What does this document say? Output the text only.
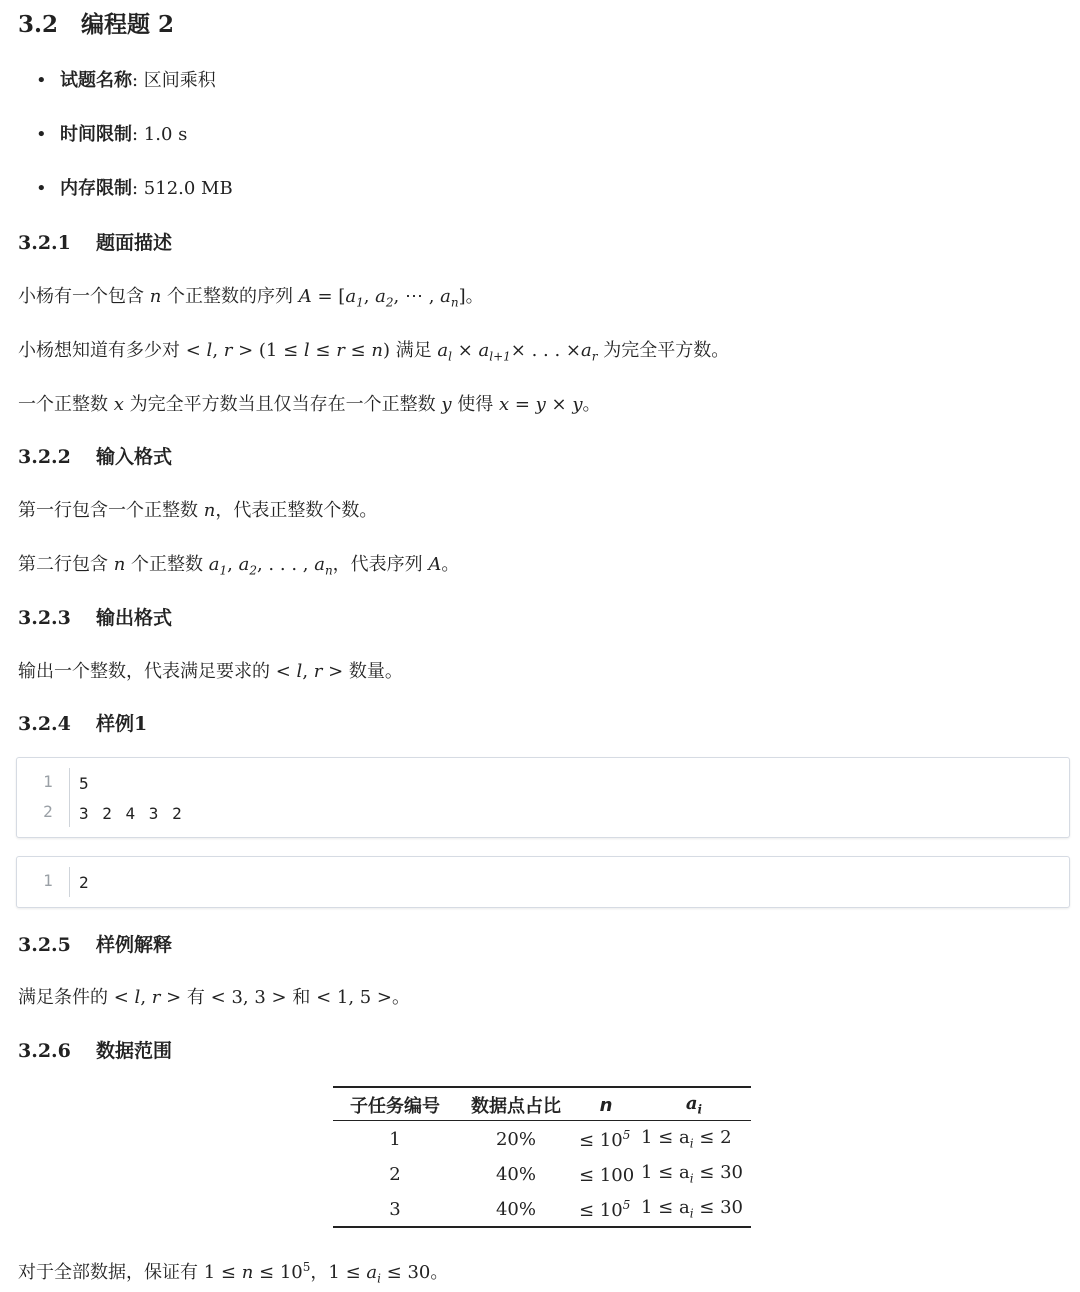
3.2 编程题 2
• 试题名称: 区间乘积
• 时间限制: 1.0 s
• 内存限制: 512.0 MB
3.2.1 题面描述
小杨有一个包含 n 个正整数的序列 $A = [a_1$, $a_2$, ⋯ , $a_n$]。
小杨想知道有多少对 < l, r > (1 ≤ l ≤ r ≤ n) 满足 $a_l \times a_{l+1}\times$ . . . $\times a_r$ 为完全平方数。
一个正整数 x 为完全平方数当且仅当存在一个正整数 y 使得 x = y × y。
3.2.2 输入格式
第一行包含一个正整数 n，代表正整数个数。
第二行包含 n 个正整数 $a_1$, $a_2$, . . . , $a_n$，代表序列 A。
3.2.3 输出格式
输出一个整数，代表满足要求的 < l, r > 数量。
3.2.4 样例1
1 5
2 3 2 4 3 2
1 2
3.2.5 样例解释
满足条件的 < l, r > 有 < 3, 3 > 和 < 1, 5 >。
3.2.6 数据范围
子任务编号	数据点占比	n	$a_i$
1	20%	≤ $10^5$	$1 \le a_i \le 2$
2	40%	≤ 100	$1 \le a_i \le 30$
3	40%	≤ $10^5$	$1 \le a_i \le 30$
对于全部数据，保证有 $1 \le n \le 10^5$，$1 \le a_i \le 30$。
